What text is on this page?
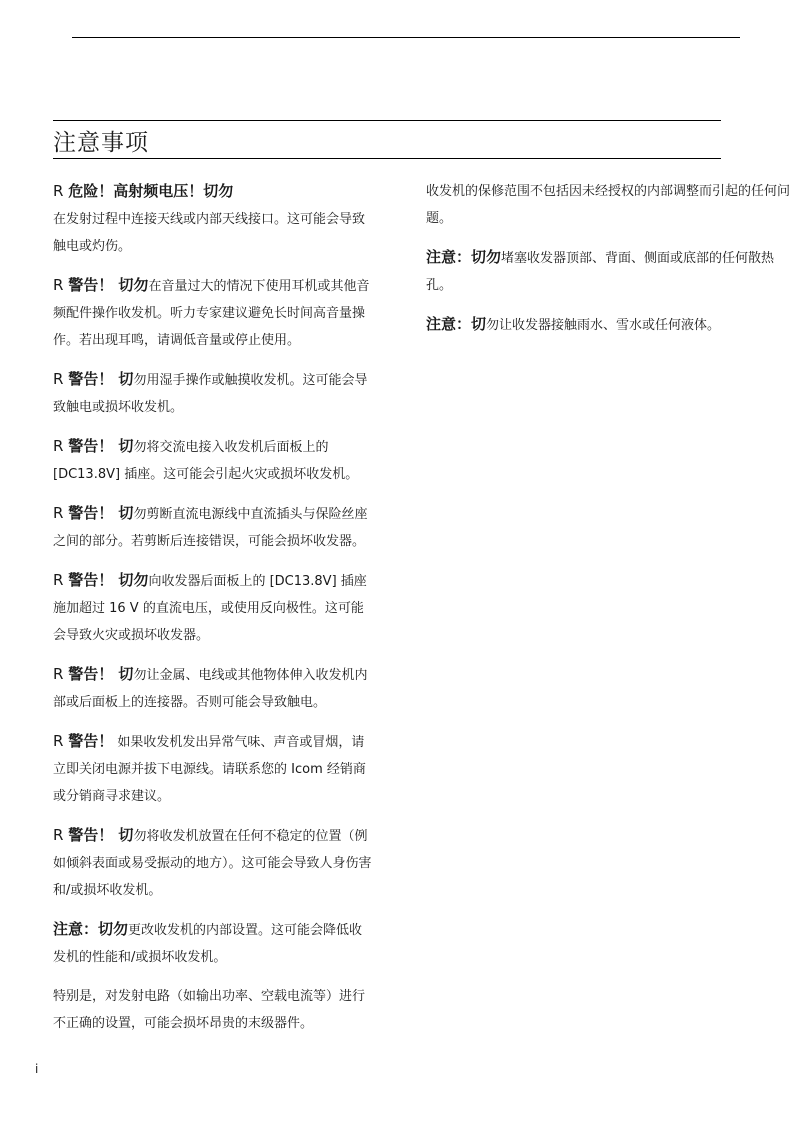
注意事项

R 危险！高射频电压！切勿

在发射过程中连接天线或内部天线接口。这可能会导致触电或灼伤。

R 警告！ 切勿在音量过大的情况下使用耳机或其他音频配件操作收发机。听力专家建议避免长时间高音量操作。若出现耳鸣，请调低音量或停止使用。

R 警告！ 切勿用湿手操作或触摸收发机。这可能会导致触电或损坏收发机。

R 警告！ 切勿将交流电接入收发机后面板上的 [DC13.8V] 插座。这可能会引起火灾或损坏收发机。

R 警告！ 切勿剪断直流电源线中直流插头与保险丝座之间的部分。若剪断后连接错误，可能会损坏收发器。

R 警告！ 切勿向收发器后面板上的 [DC13.8V] 插座施加超过 16 V 的直流电压，或使用反向极性。这可能会导致火灾或损坏收发器。

R 警告！ 切勿让金属、电线或其他物体伸入收发机内部或后面板上的连接器。否则可能会导致触电。

R 警告！ 如果收发机发出异常气味、声音或冒烟，请立即关闭电源并拔下电源线。请联系您的 Icom 经销商或分销商寻求建议。

R 警告！ 切勿将收发机放置在任何不稳定的位置（例如倾斜表面或易受振动的地方）。这可能会导致人身伤害和/或损坏收发机。

注意：切勿更改收发机的内部设置。这可能会降低收发机的性能和/或损坏收发机。

特别是，对发射电路（如输出功率、空载电流等）进行不正确的设置，可能会损坏昂贵的末级器件。

收发机的保修范围不包括因未经授权的内部调整而引起的任何问题。

注意：切勿堵塞收发器顶部、背面、侧面或底部的任何散热孔。

注意：切勿让收发器接触雨水、雪水或任何液体。

i
